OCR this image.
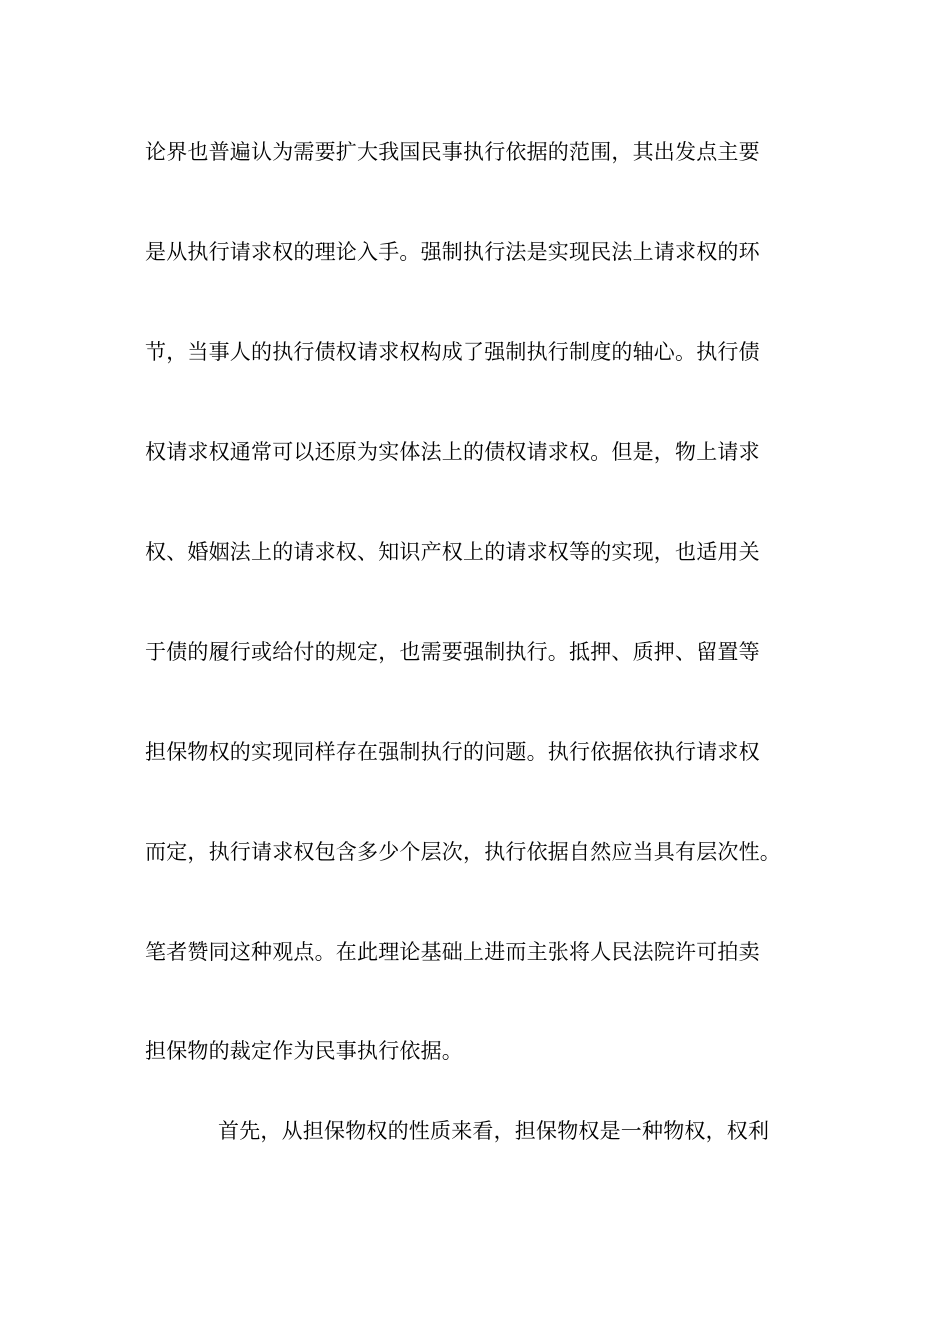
论界也普遍认为需要扩大我国民事执行依据的范围，其出发点主要
是从执行请求权的理论入手。强制执行法是实现民法上请求权的环
节，当事人的执行债权请求权构成了强制执行制度的轴心。执行债
权请求权通常可以还原为实体法上的债权请求权。但是，物上请求
权、婚姻法上的请求权、知识产权上的请求权等的实现，也适用关
于债的履行或给付的规定，也需要强制执行。抵押、质押、留置等
担保物权的实现同样存在强制执行的问题。执行依据依执行请求权
而定，执行请求权包含多少个层次，执行依据自然应当具有层次性。
笔者赞同这种观点。在此理论基础上进而主张将人民法院许可拍卖
担保物的裁定作为民事执行依据。
首先，从担保物权的性质来看，担保物权是一种物权，权利
